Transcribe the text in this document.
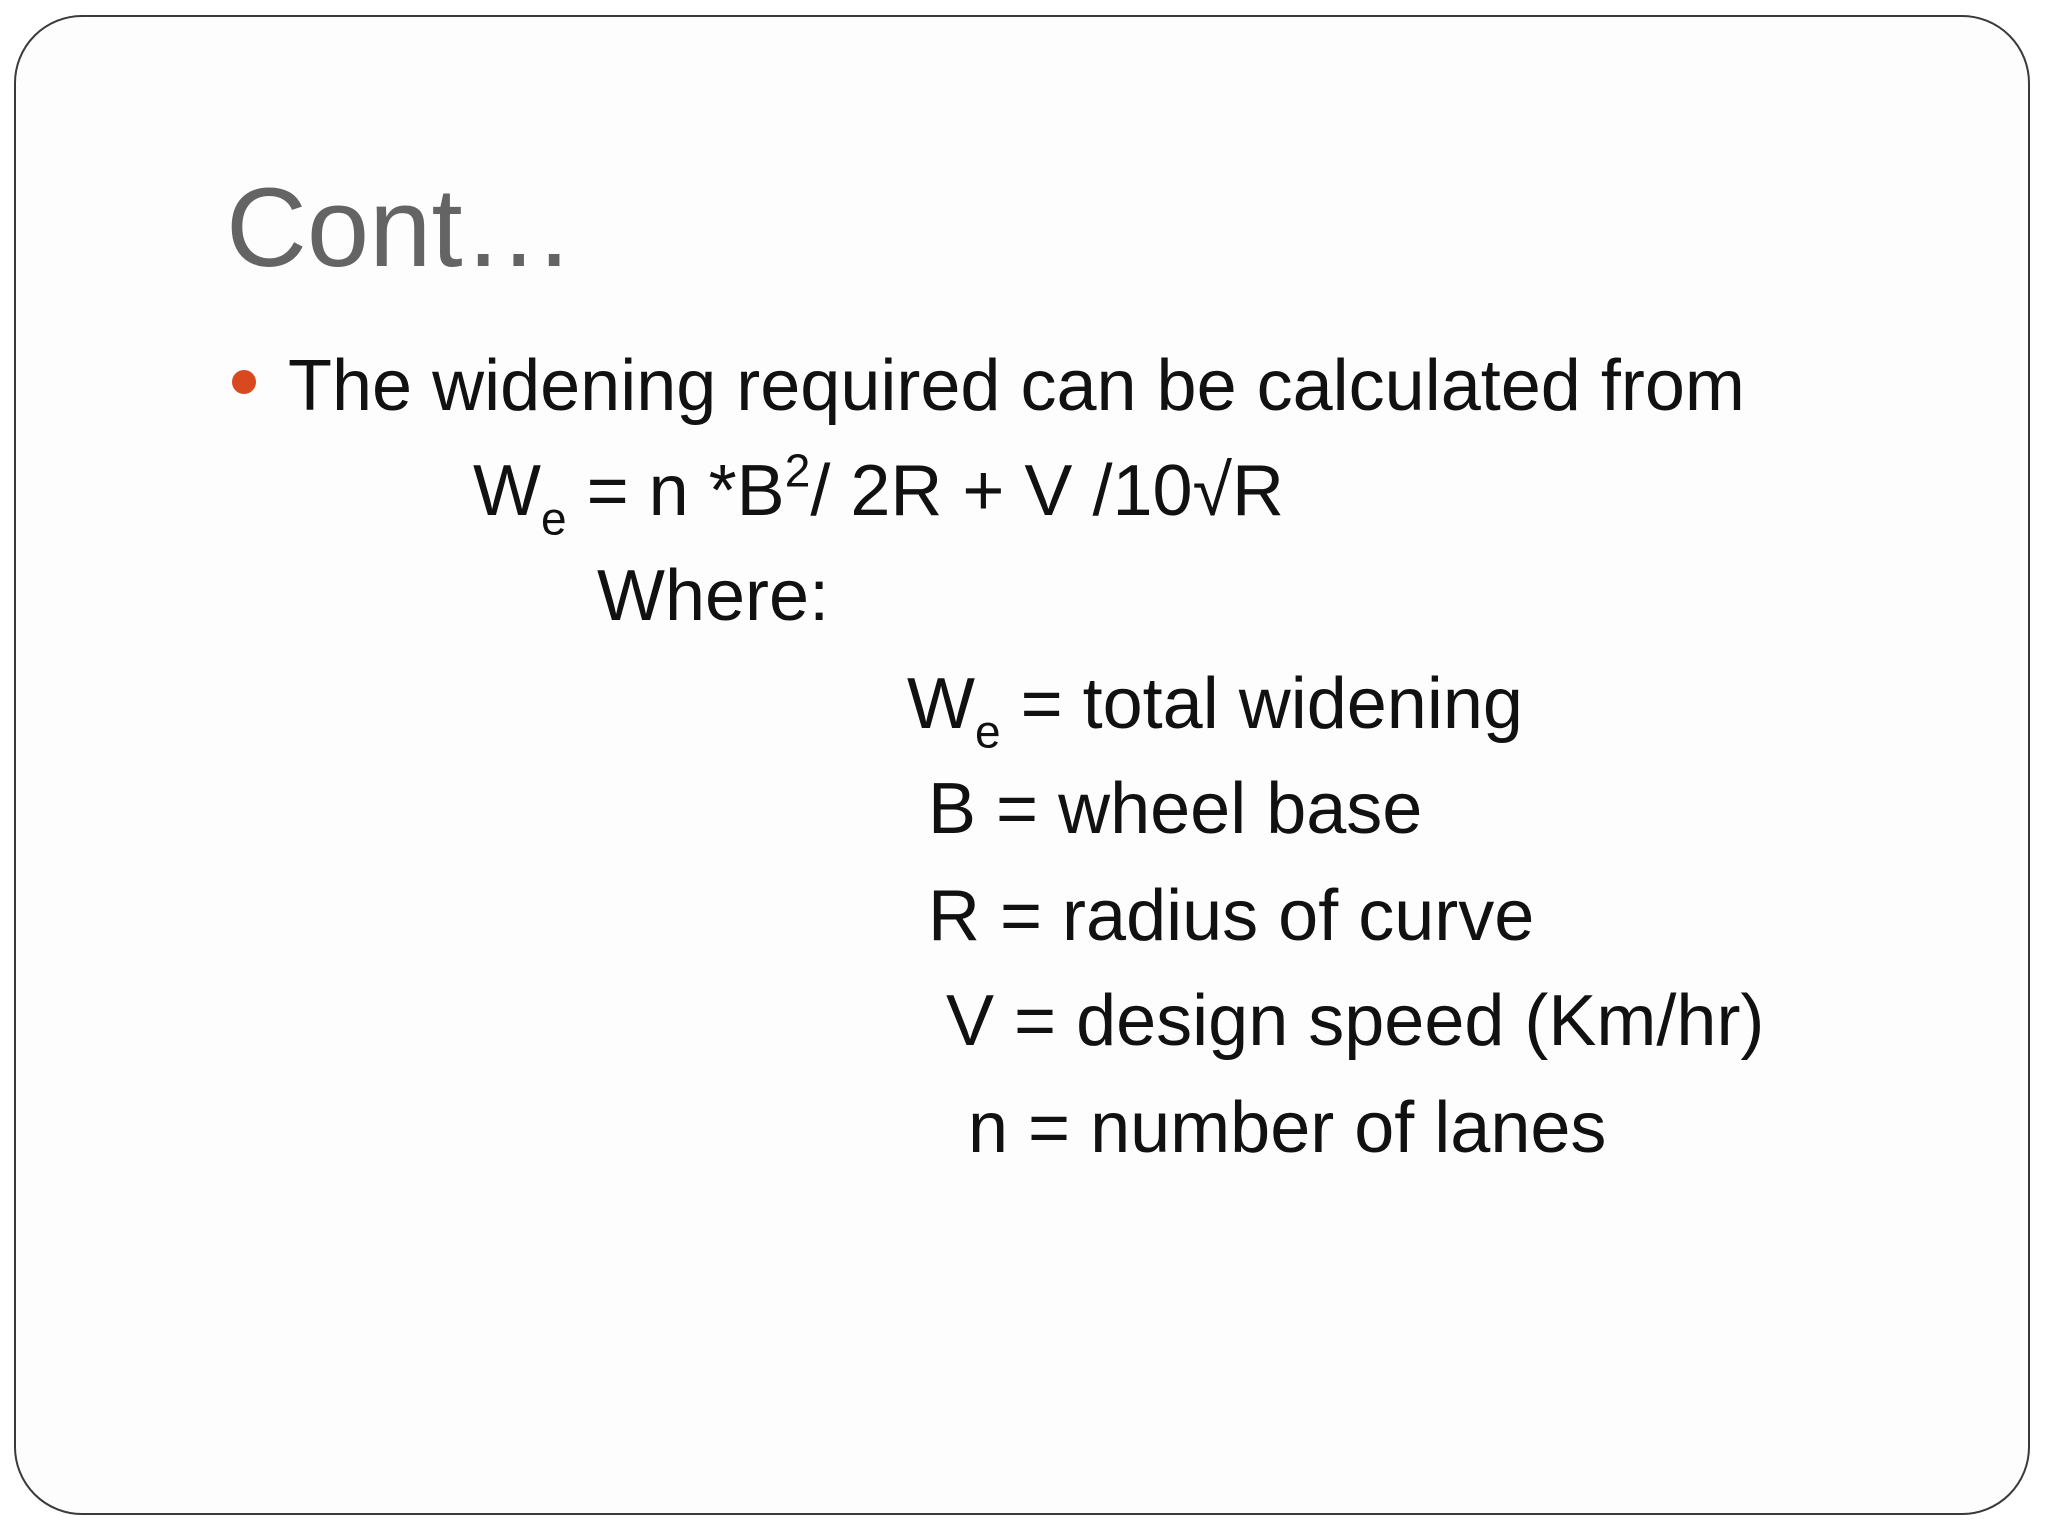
Cont…
The widening required can be calculated from
$W_e = n$ $*B^2/$ 2R + V /10√R
Where:
$W_e$ = total widening
B = wheel base
R = radius of curve
V = design speed (Km/hr)
n = number of lanes
